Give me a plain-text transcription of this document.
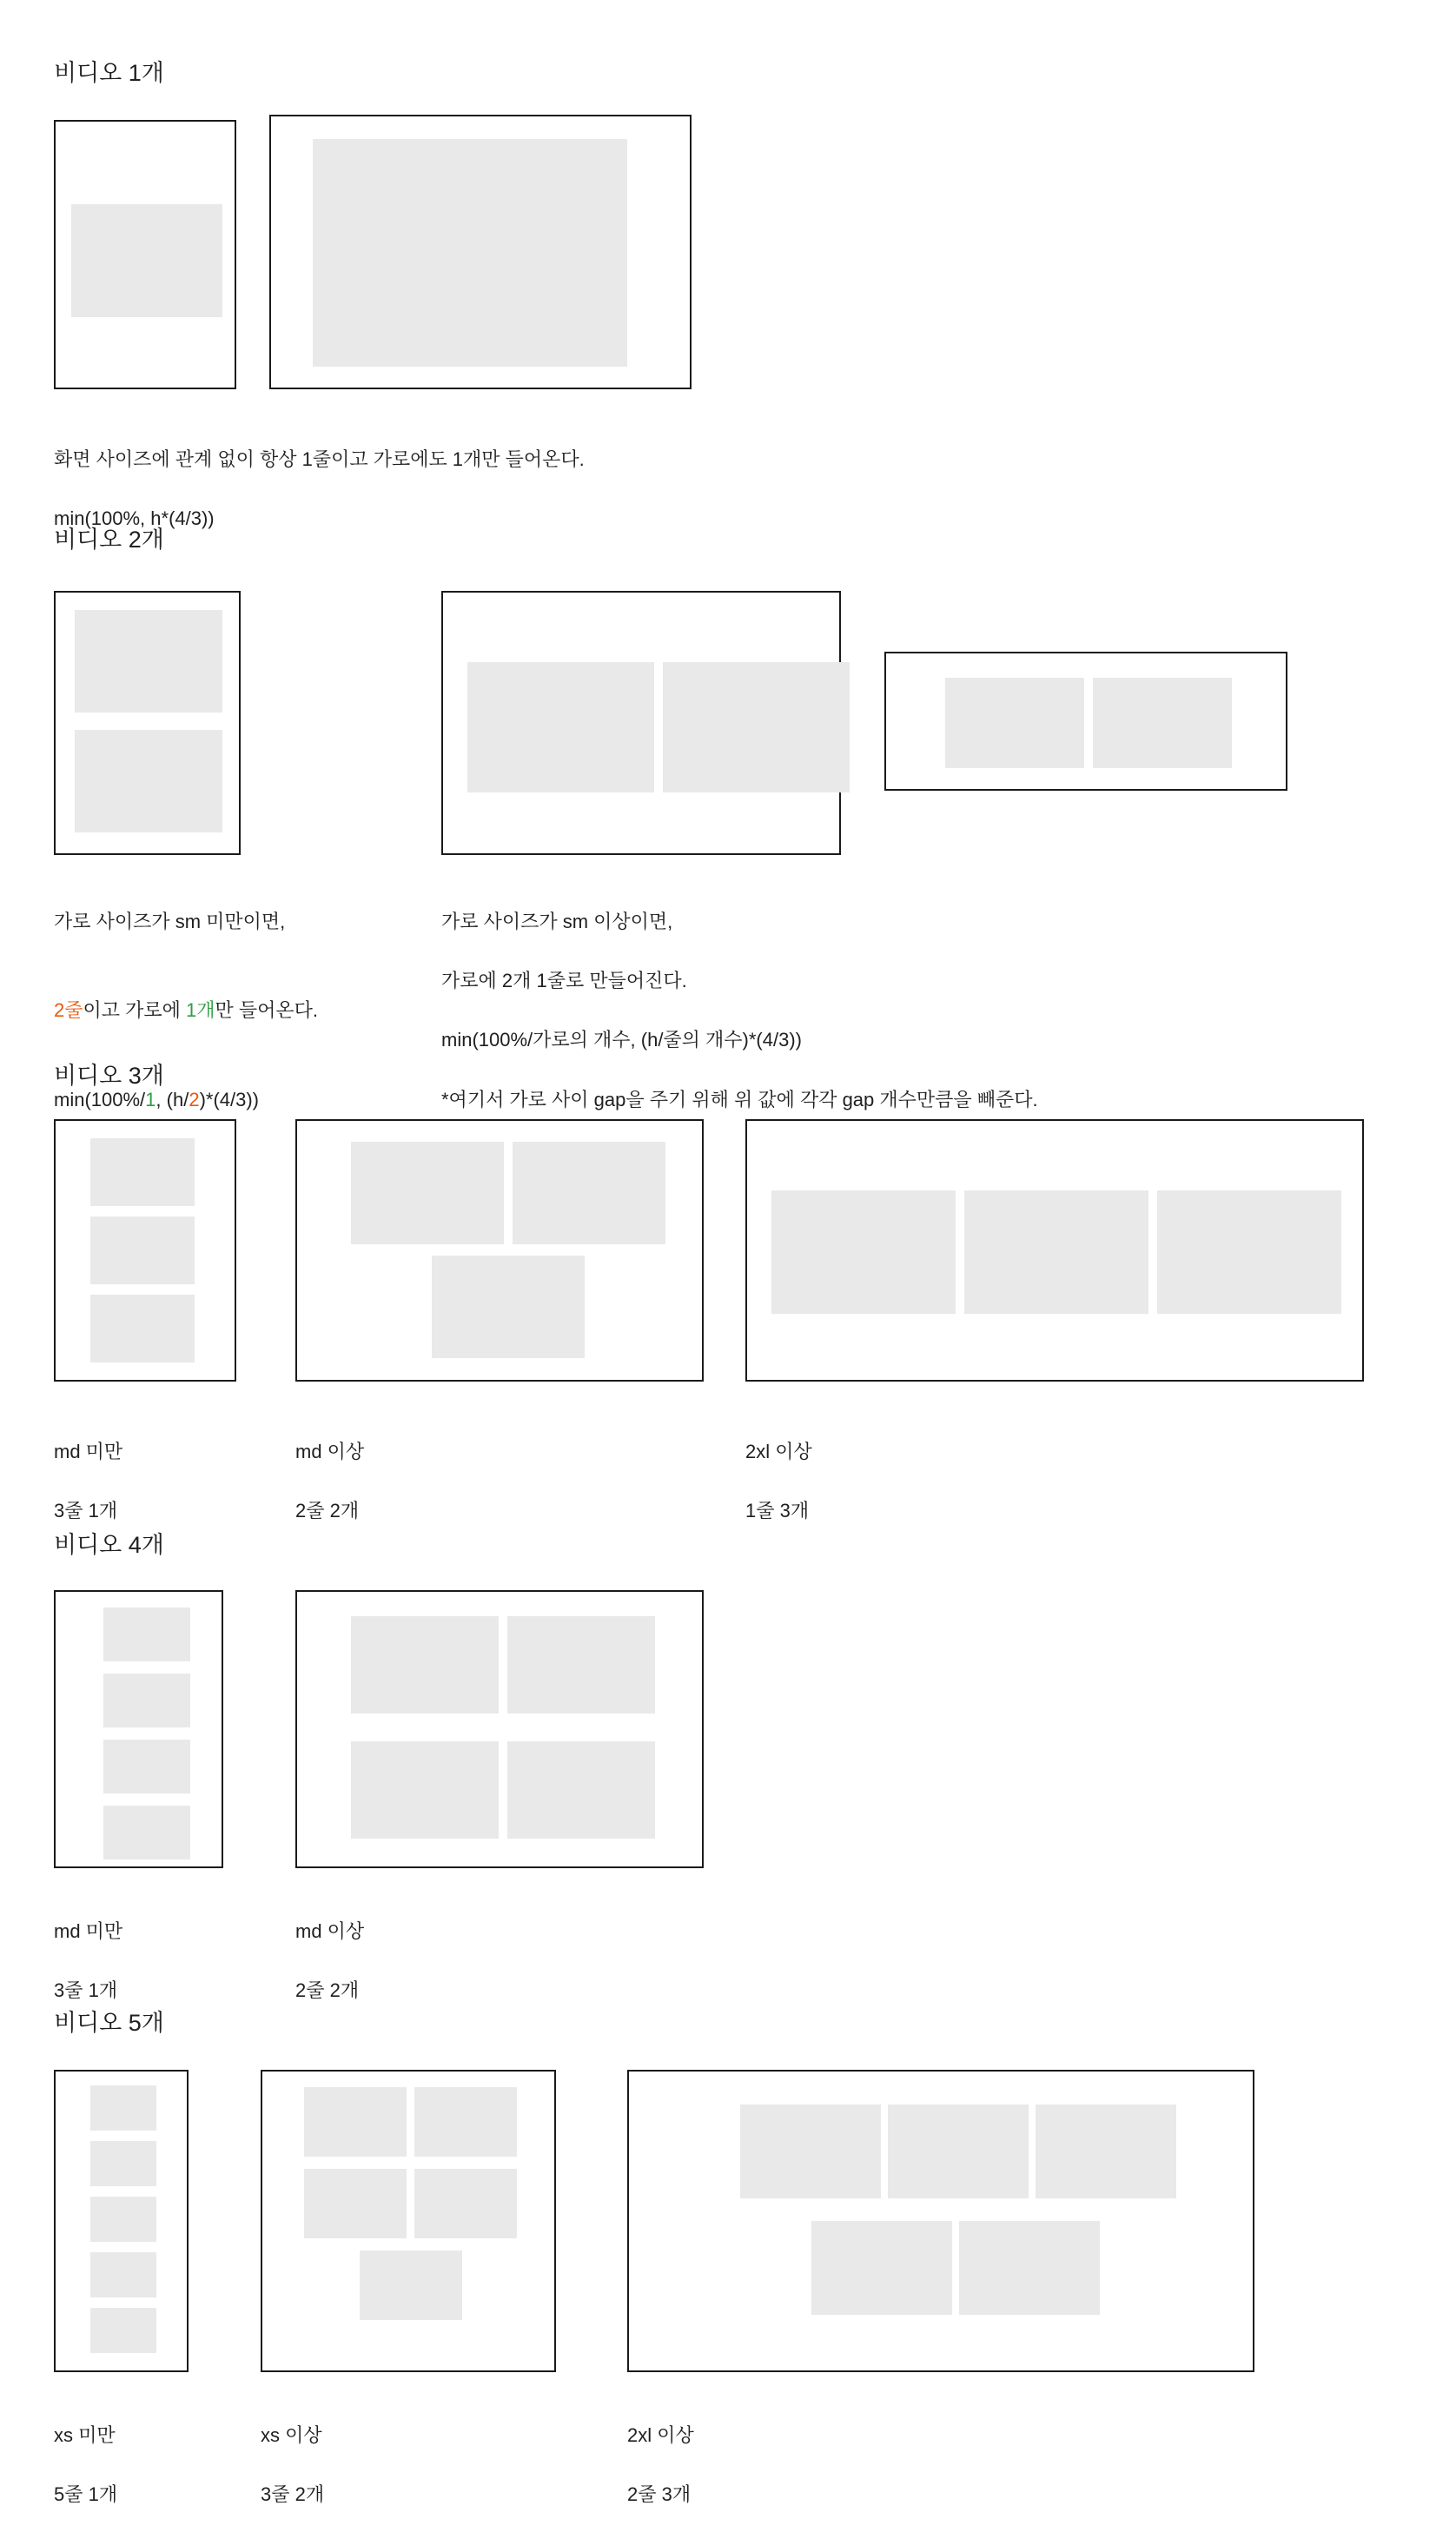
비디오 1개

화면 사이즈에 관계 없이 항상 1줄이고 가로에도 1개만 들어온다.

min(100%, h*(4/3))

비디오 2개

가로 사이즈가 sm 미만이면,

2줄이고 가로에 1개만 들어온다.

min(100%/1, (h/2)*(4/3))

가로 사이즈가 sm 이상이면,

가로에 2개 1줄로 만들어진다.

min(100%/가로의 개수, (h/줄의 개수)*(4/3))

*여기서 가로 사이 gap을 주기 위해 위 값에 각각 gap 개수만큼을 빼준다.

비디오 3개

md 미만

3줄 1개

md 이상

2줄 2개

2xl 이상

1줄 3개

비디오 4개

md 미만

3줄 1개

md 이상

2줄 2개

비디오 5개

xs 미만

5줄 1개

xs 이상

3줄 2개

2xl 이상

2줄 3개
